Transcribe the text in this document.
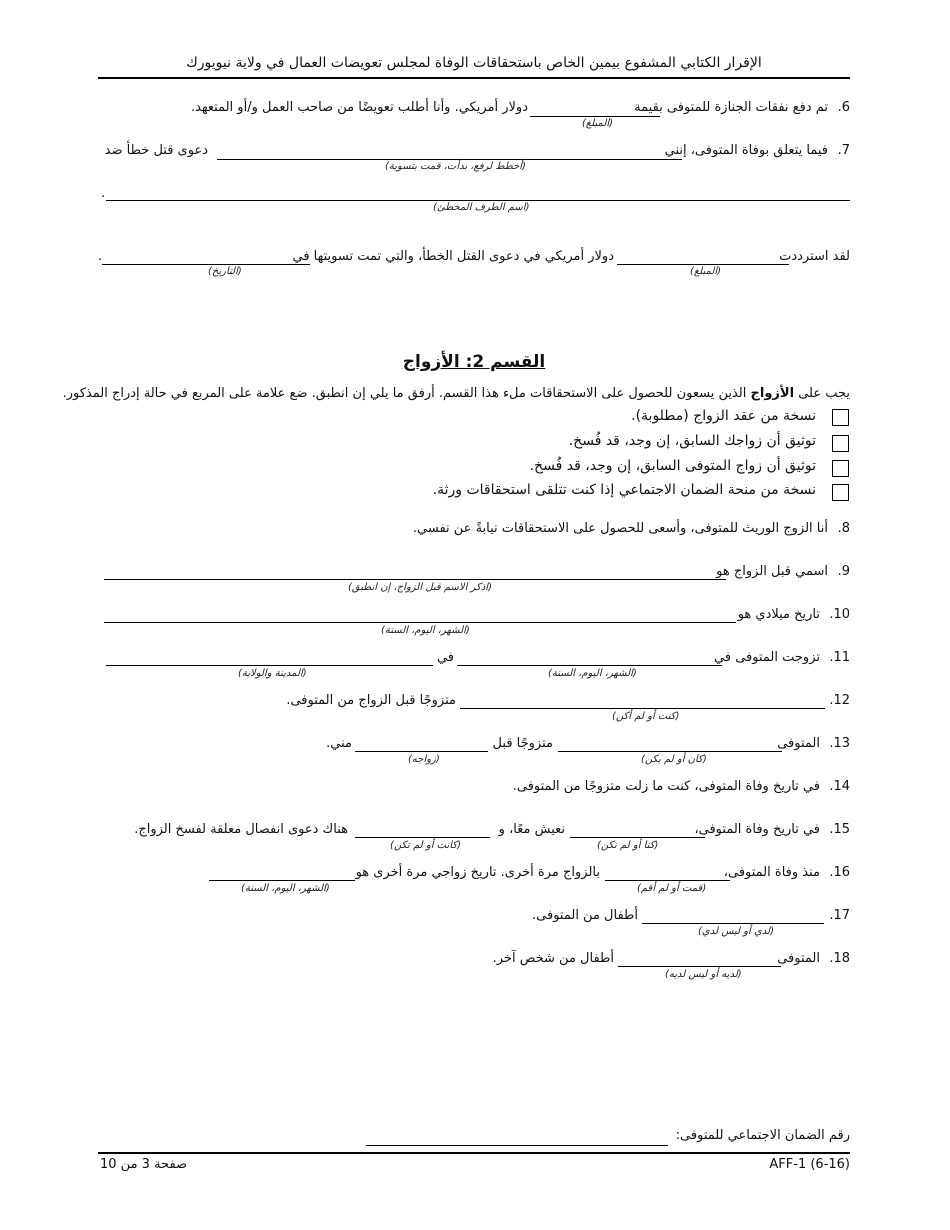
الإقرار الكتابي المشفوع بيمين الخاص باستحقاقات الوفاة لمجلس تعويضات العمال في ولاية نيويورك
6.
تم دفع نفقات الجنازة للمتوفى بقيمة
(المبلغ)
دولار أمريكي. وأنا أطلب تعويضًا من صاحب العمل و/أو المتعهد.
7.
فيما يتعلق بوفاة المتوفى، إنني
(أخطط لرفع، بدأت، قمت بتسوية)
دعوى قتل خطأ ضد
.
(اسم الطرف المخطئ)
لقد استرددت
(المبلغ)
دولار أمريكي في دعوى القتل الخطأ، والتي تمت تسويتها في
.
(التاريخ)
القسم 2: الأزواج
يجب على الأزواج الذين يسعون للحصول على الاستحقاقات ملء هذا القسم. أرفق ما يلي إن انطبق. ضع علامة على المربع في حالة إدراج المذكور.
نسخة من عقد الزواج (مطلوبة).
توثيق أن زواجك السابق، إن وجد، قد فُسخ.
توثيق أن زواج المتوفى السابق، إن وجد، قد فُسخ.
نسخة من منحة الضمان الاجتماعي إذا كنت تتلقى استحقاقات ورثة.
8.
أنا الزوج الوريث للمتوفى، وأسعى للحصول على الاستحقاقات نيابةً عن نفسي.
9.
اسمي قبل الزواج هو
(اذكر الاسم قبل الزواج، إن انطبق)
10.
تاريخ ميلادي هو
(الشهر، اليوم، السنة)
11.
تزوجت المتوفى في
(الشهر، اليوم، السنة)
في
(المدينة والولاية)
12.
(كنت أو لم أكن)
متزوجًا قبل الزواج من المتوفى.
13.
المتوفى
(كان أو لم يكن)
متزوجًا قبل
(زواجه)
مني.
14.
في تاريخ وفاة المتوفى، كنت ما زلت متزوجًا من المتوفى.
15.
في تاريخ وفاة المتوفى،
(كنا أو لم نكن)
نعيش معًا، و
(كانت أو لم تكن)
هناك دعوى انفصال معلقة لفسخ الزواج.
16.
منذ وفاة المتوفى،
(قمت أو لم أقم)
بالزواج مرة أخرى. تاريخ زواجي مرة أخرى هو
(الشهر، اليوم، السنة)
17.
(لدي أو ليس لدي)
أطفال من المتوفى.
18.
المتوفى
(لديه أو ليس لديه)
أطفال من شخص آخر.
رقم الضمان الاجتماعي للمتوفى:
AFF-1 (6-16)
صفحة 3 من 10
